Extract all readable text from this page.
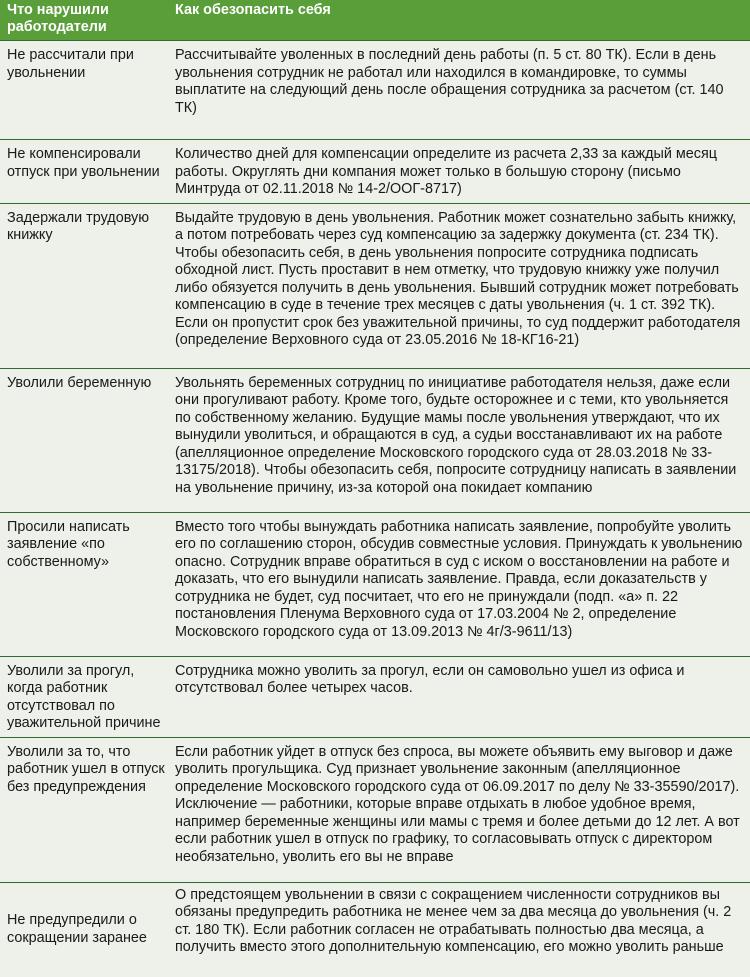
Что нарушили работодатели	Как обезопасить себя
Не рассчитали при увольнении	Рассчитывайте уволенных в последний день работы (п. 5 ст. 80 ТК). Если в день увольнения сотрудник не работал или находился в командировке, то суммы выплатите на следующий день после обращения сотрудника за расчетом (ст. 140 ТК)
Не компенсировали отпуск при увольнении	Количество дней для компенсации определите из расчета 2,33 за каждый месяц работы. Округлять дни компания может только в большую сторону (письмо Минтруда от 02.11.2018 № 14-2/ООГ-8717)
Задержали трудовую книжку	Выдайте трудовую в день увольнения. Работник может сознательно забыть книжку, а потом потребовать через суд компенсацию за задержку документа (ст. 234 ТК). Чтобы обезопасить себя, в день увольнения попросите сотрудника подписать обходной лист. Пусть проставит в нем отметку, что трудовую книжку уже получил либо обязуется получить в день увольнения. Бывший сотрудник может потребовать компенсацию в суде в течение трех месяцев с даты увольнения (ч. 1 ст. 392 ТК). Если он пропустит срок без уважительной причины, то суд поддержит работодателя (определение Верховного суда от 23.05.2016 № 18-КГ16-21)
Уволили беременную	Увольнять беременных сотрудниц по инициативе работодателя нельзя, даже если они прогуливают работу. Кроме того, будьте осторожнее и с теми, кто увольняется по собственному желанию. Будущие мамы после увольнения утверждают, что их вынудили уволиться, и обращаются в суд, а судьи восстанавливают их на работе (апелляционное определение Московского городского суда от 28.03.2018 № 33-13175/2018). Чтобы обезопасить себя, попросите сотрудницу написать в заявлении на увольнение причину, из-за которой она покидает компанию
Просили написать заявление «по собственному»	Вместо того чтобы вынуждать работника написать заявление, попробуйте уволить его по соглашению сторон, обсудив совместные условия. Принуждать к увольнению опасно. Сотрудник вправе обратиться в суд с иском о восстановлении на работе и доказать, что его вынудили написать заявление. Правда, если доказательств у сотрудника не будет, суд посчитает, что его не принуждали (подп. «а» п. 22 постановления Пленума Верховного суда от 17.03.2004 № 2, определение Московского городского суда от 13.09.2013 № 4г/3-9611/13)
Уволили за прогул, когда работник отсутствовал по уважительной причине	Сотрудника можно уволить за прогул, если он самовольно ушел из офиса и отсутствовал более четырех часов.
Уволили за то, что работник ушел в отпуск без предупреждения	Если работник уйдет в отпуск без спроса, вы можете объявить ему выговор и даже уволить прогульщика. Суд признает увольнение законным (апелляционное определение Московского городского суда от 06.09.2017 по делу № 33-35590/2017). Исключение — работники, которые вправе отдыхать в любое удобное время, например беременные женщины или мамы с тремя и более детьми до 12 лет. А вот если работник ушел в отпуск по графику, то согласовывать отпуск с директором необязательно, уволить его вы не вправе
Не предупредили о сокращении заранее	О предстоящем увольнении в связи с сокращением численности сотрудников вы обязаны предупредить работника не менее чем за два месяца до увольнения (ч. 2 ст. 180 ТК). Если работник согласен не отрабатывать полностью два месяца, а получить вместо этого дополнительную компенсацию, его можно уволить раньше
